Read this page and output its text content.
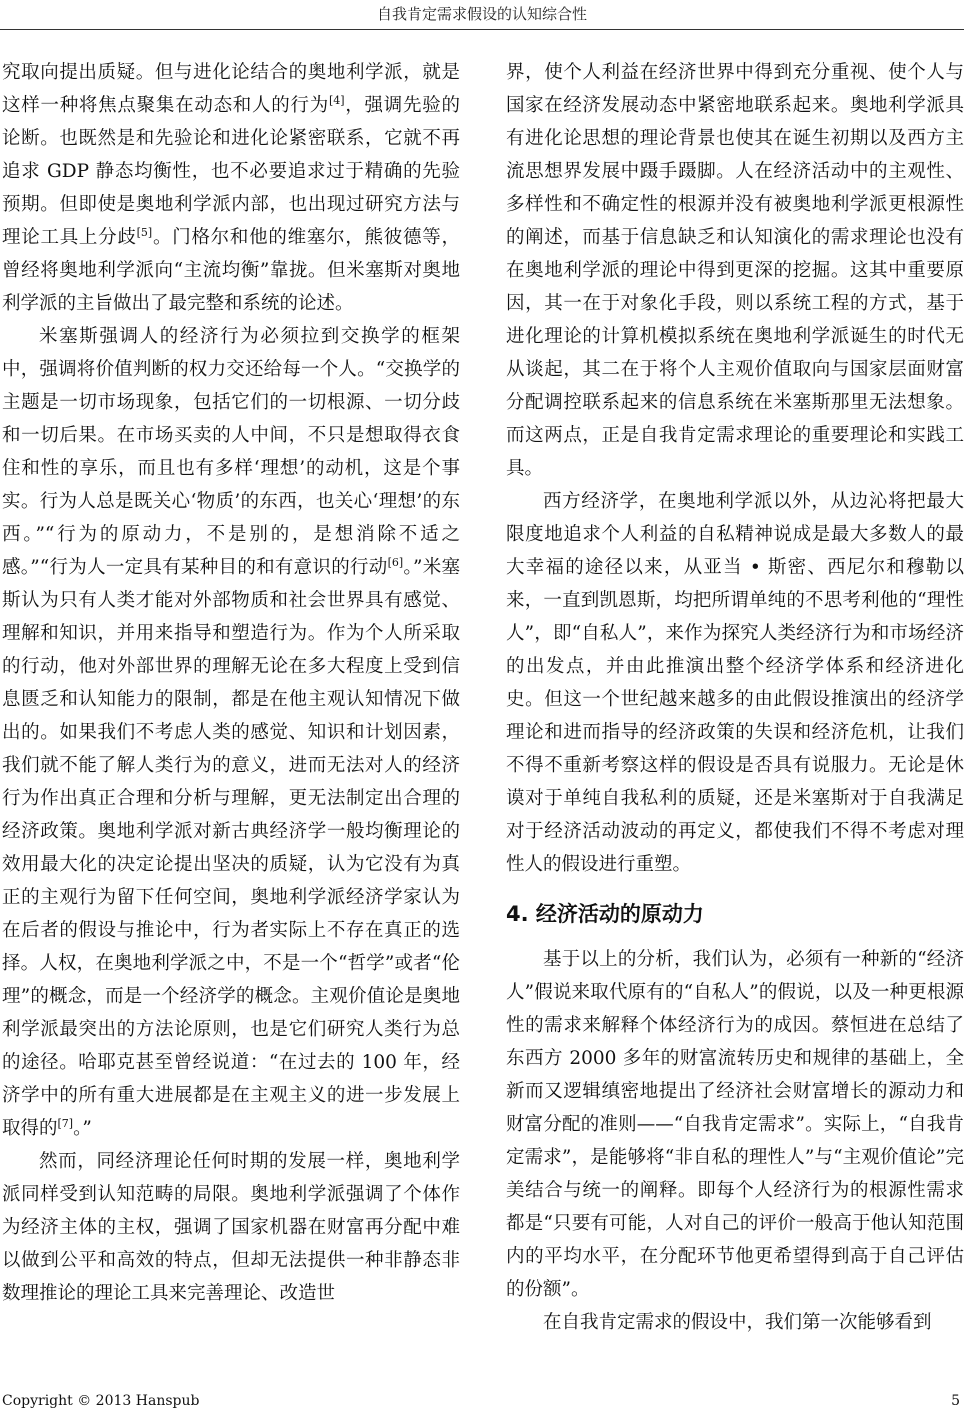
自我肯定需求假设的认知综合性

究取向提出质疑。但与进化论结合的奥地利学派，就是这样一种将焦点聚集在动态和人的行为[4]，强调先验的论断。也既然是和先验论和进化论紧密联系，它就不再追求 GDP 静态均衡性，也不必要追求过于精确的先验预期。但即使是奥地利学派内部，也出现过研究方法与理论工具上分歧[5]。门格尔和他的维塞尔，熊彼德等，曾经将奥地利学派向“主流均衡”靠拢。但米塞斯对奥地利学派的主旨做出了最完整和系统的论述。

米塞斯强调人的经济行为必须拉到交换学的框架中，强调将价值判断的权力交还给每一个人。“交换学的主题是一切市场现象，包括它们的一切根源、一切分歧和一切后果。在市场买卖的人中间，不只是想取得衣食住和性的享乐，而且也有多样‘理想’的动机，这是个事实。行为人总是既关心‘物质’的东西，也关心‘理想’的东西。”“行为的原动力，不是别的，是想消除不适之感。”“行为人一定具有某种目的和有意识的行动[6]。”米塞斯认为只有人类才能对外部物质和社会世界具有感觉、理解和知识，并用来指导和塑造行为。作为个人所采取的行动，他对外部世界的理解无论在多大程度上受到信息匮乏和认知能力的限制，都是在他主观认知情况下做出的。如果我们不考虑人类的感觉、知识和计划因素，我们就不能了解人类行为的意义，进而无法对人的经济行为作出真正合理和分析与理解，更无法制定出合理的经济政策。奥地利学派对新古典经济学一般均衡理论的效用最大化的决定论提出坚决的质疑，认为它没有为真正的主观行为留下任何空间，奥地利学派经济学家认为在后者的假设与推论中，行为者实际上不存在真正的选择。人权，在奥地利学派之中，不是一个“哲学”或者“伦理”的概念，而是一个经济学的概念。主观价值论是奥地利学派最突出的方法论原则，也是它们研究人类行为总的途径。哈耶克甚至曾经说道：“在过去的 100 年，经济学中的所有重大进展都是在主观主义的进一步发展上取得的[7]。”

然而，同经济理论任何时期的发展一样，奥地利学派同样受到认知范畴的局限。奥地利学派强调了个体作为经济主体的主权，强调了国家机器在财富再分配中难以做到公平和高效的特点，但却无法提供一种非静态非数理推论的理论工具来完善理论、改造世

界，使个人利益在经济世界中得到充分重视、使个人与国家在经济发展动态中紧密地联系起来。奥地利学派具有进化论思想的理论背景也使其在诞生初期以及西方主流思想界发展中蹑手蹑脚。人在经济活动中的主观性、多样性和不确定性的根源并没有被奥地利学派更根源性的阐述，而基于信息缺乏和认知演化的需求理论也没有在奥地利学派的理论中得到更深的挖掘。这其中重要原因，其一在于对象化手段，则以系统工程的方式，基于进化理论的计算机模拟系统在奥地利学派诞生的时代无从谈起，其二在于将个人主观价值取向与国家层面财富分配调控联系起来的信息系统在米塞斯那里无法想象。而这两点，正是自我肯定需求理论的重要理论和实践工具。

西方经济学，在奥地利学派以外，从边沁将把最大限度地追求个人利益的自私精神说成是最大多数人的最大幸福的途径以来，从亚当 • 斯密、西尼尔和穆勒以来，一直到凯恩斯，均把所谓单纯的不思考利他的“理性人”，即“自私人”，来作为探究人类经济行为和市场经济的出发点，并由此推演出整个经济学体系和经济进化史。但这一个世纪越来越多的由此假设推演出的经济学理论和进而指导的经济政策的失误和经济危机，让我们不得不重新考察这样的假设是否具有说服力。无论是休谟对于单纯自我私利的质疑，还是米塞斯对于自我满足对于经济活动波动的再定义，都使我们不得不考虑对理性人的假设进行重塑。

4. 经济活动的原动力

基于以上的分析，我们认为，必须有一种新的“经济人”假说来取代原有的“自私人”的假说，以及一种更根源性的需求来解释个体经济行为的成因。蔡恒进在总结了东西方 2000 多年的财富流转历史和规律的基础上，全新而又逻辑缜密地提出了经济社会财富增长的源动力和财富分配的准则——“自我肯定需求”。实际上，“自我肯定需求”，是能够将“非自私的理性人”与“主观价值论”完美结合与统一的阐释。即每个人经济行为的根源性需求都是“只要有可能，人对自己的评价一般高于他认知范围内的平均水平，在分配环节他更希望得到高于自己评估的份额”。

在自我肯定需求的假设中，我们第一次能够看到

Copyright © 2013 Hanspub	5
